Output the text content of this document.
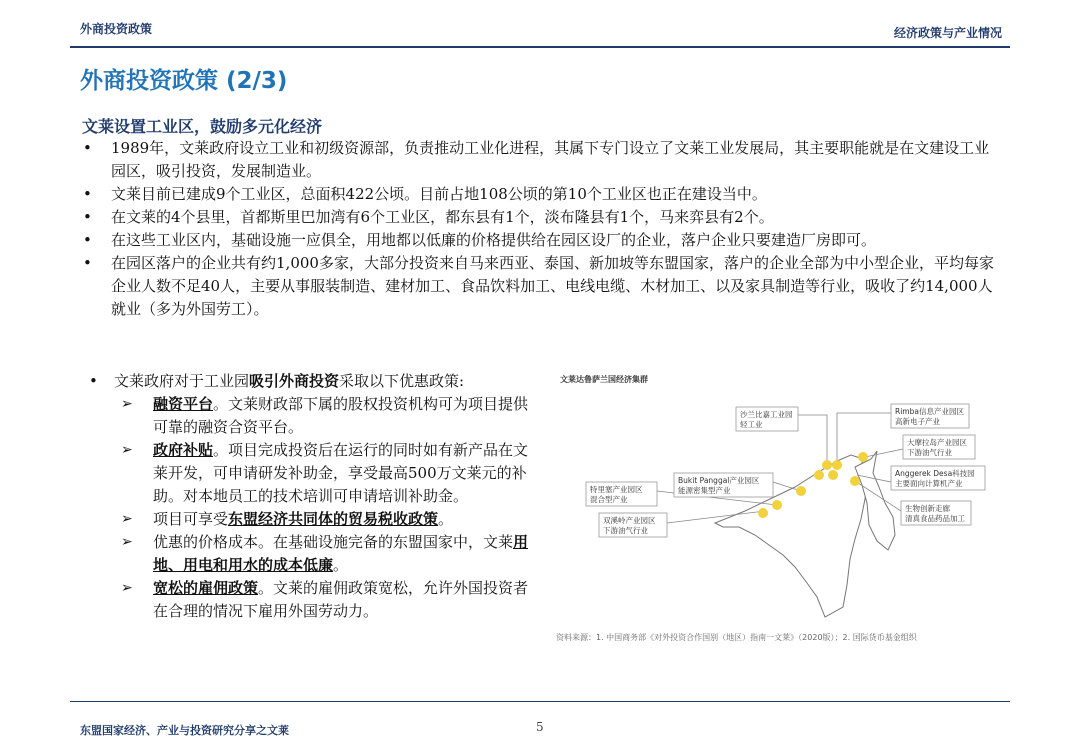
外商投资政策	经济政策与产业情况
外商投资政策 (2/3)
文莱设置工业区，鼓励多元化经济
• 1989年，文莱政府设立工业和初级资源部，负责推动工业化进程，其属下专门设立了文莱工业发展局，其主要职能就是在文建设工业园区，吸引投资，发展制造业。
• 文莱目前已建成9个工业区，总面积422公顷。目前占地108公顷的第10个工业区也正在建设当中。
• 在文莱的4个县里，首都斯里巴加湾有6个工业区，都东县有1个，淡布隆县有1个，马来弈县有2个。
• 在这些工业区内，基础设施一应俱全，用地都以低廉的价格提供给在园区设厂的企业，落户企业只要建造厂房即可。
• 在园区落户的企业共有约1,000多家，大部分投资来自马来西亚、泰国、新加坡等东盟国家，落户的企业全部为中小型企业，平均每家企业人数不足40人，主要从事服装制造、建材加工、食品饮料加工、电线电缆、木材加工、以及家具制造等行业，吸收了约14,000人就业（多为外国劳工）。
• 文莱政府对于工业园吸引外商投资采取以下优惠政策:
➢ 融资平台。文莱财政部下属的股权投资机构可为项目提供可靠的融资合资平台。
➢ 政府补贴。项目完成投资后在运行的同时如有新产品在文莱开发，可申请研发补助金，享受最高500万文莱元的补助。对本地员工的技术培训可申请培训补助金。
➢ 项目可享受东盟经济共同体的贸易税收政策。
➢ 优惠的价格成本。在基础设施完备的东盟国家中，文莱用地、用电和用水的成本低廉。
➢ 宽松的雇佣政策。文莱的雇佣政策宽松，允许外国投资者在合理的情况下雇用外国劳动力。
文莱达鲁萨兰国经济集群
沙兰比嘉工业园
轻工业
Rimba信息产业园区
高新电子产业
大摩拉岛产业园区
下游油气行业
Bukit Panggal产业园区
能源密集型产业
特里塞产业园区
混合型产业
Anggerek Desa科技园
主要面向计算机产业
双溪岭产业园区
下游油气行业
生物创新走廊
清真食品药品加工
资料来源：1. 中国商务部《对外投资合作国别（地区）指南一文莱》（2020版）；2. 国际货币基金组织
东盟国家经济、产业与投资研究分享之文莱	5
